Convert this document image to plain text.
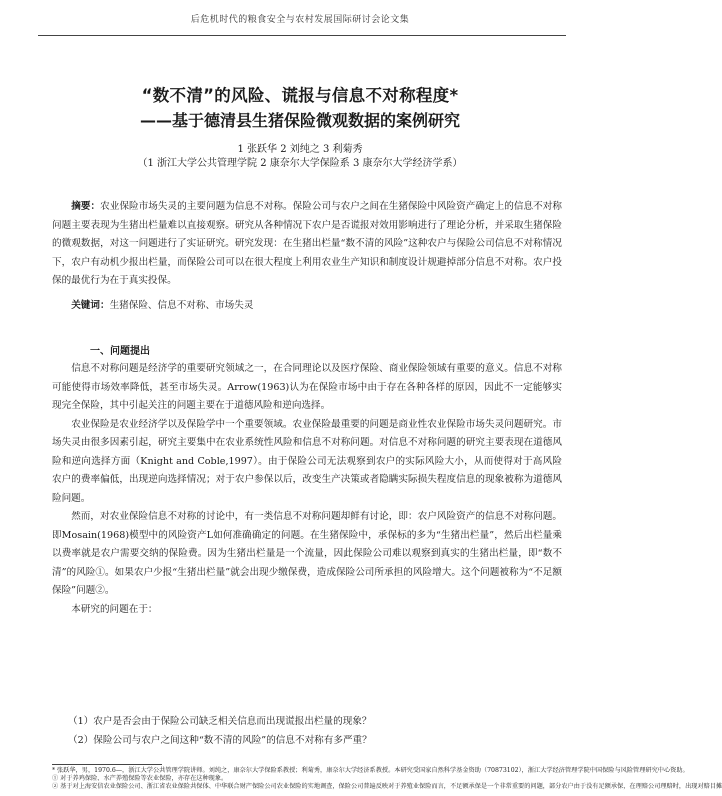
后危机时代的粮食安全与农村发展国际研讨会论文集
“数不清”的风险、谎报与信息不对称程度*
——基于德清县生猪保险微观数据的案例研究
1 张跃华 2 刘纯之 3 利菊秀
（1 浙江大学公共管理学院 2 康奈尔大学保险系 3 康奈尔大学经济学系）
摘要：农业保险市场失灵的主要问题为信息不对称。保险公司与农户之间在生猪保险中风险资产确定上的信息不对称问题主要表现为生猪出栏量难以直接观察。研究从各种情况下农户是否谎报对效用影响进行了理论分析，并采取生猪保险的微观数据，对这一问题进行了实证研究。研究发现：在生猪出栏量“数不清的风险”这种农户与保险公司信息不对称情况下，农户有动机少报出栏量，而保险公司可以在很大程度上利用农业生产知识和制度设计规避掉部分信息不对称。农户投保的最优行为在于真实投保。
关键词：生猪保险、信息不对称、市场失灵
一、问题提出

信息不对称问题是经济学的重要研究领域之一，在合同理论以及医疗保险、商业保险领域有重要的意义。信息不对称可能使得市场效率降低，甚至市场失灵。Arrow(1963)认为在保险市场中由于存在各种各样的原因，因此不一定能够实现完全保险，其中引起关注的问题主要在于道德风险和逆向选择。

农业保险是农业经济学以及保险学中一个重要领域。农业保险最重要的问题是商业性农业保险市场失灵问题研究。市场失灵由很多因素引起，研究主要集中在农业系统性风险和信息不对称问题。对信息不对称问题的研究主要表现在道德风险和逆向选择方面（Knight and Coble,1997）。由于保险公司无法观察到农户的实际风险大小，从而使得对于高风险农户的费率偏低，出现逆向选择情况；对于农户参保以后，改变生产决策或者隐瞒实际损失程度信息的现象被称为道德风险问题。

然而，对农业保险信息不对称的讨论中，有一类信息不对称问题却鲜有讨论，即：农户风险资产的信息不对称问题。即Mosain(1968)模型中的风险资产L如何准确确定的问题。在生猪保险中，承保标的多为“生猪出栏量”，然后出栏量乘以费率就是农户需要交纳的保险费。因为生猪出栏量是一个流量，因此保险公司难以观察到真实的生猪出栏量，即“数不清”的风险①。如果农户少报“生猪出栏量”就会出现少缴保费，造成保险公司所承担的风险增大。这个问题被称为“不足额保险”问题②。

本研究的问题在于：

（1）农户是否会由于保险公司缺乏相关信息而出现谎报出栏量的现象？
（2）保险公司与农户之间这种“数不清的风险”的信息不对称有多严重？
* 张跃华，男，1970.6—，浙江大学公共管理学院讲师。刘纯之，康奈尔大学保险系教授；利菊秀，康奈尔大学经济系教授。本研究受国家自然科学基金资助（70873102），浙江大学经济管理学院中国保险与风险管理研究中心资助。
① 对于养鸡保险、水产养殖保险等农业保险，亦存在这种现象。
② 基于对上海安信农业保险公司、浙江省农业保险共保体、中华联合财产保险公司农业保险的实地调查，保险公司普遍反映对于养殖业保险而言，不足额承保是一个非常重要的问题，部分农户由于没有足额承保，在理赔公司理赔时，出现对赔目摊
